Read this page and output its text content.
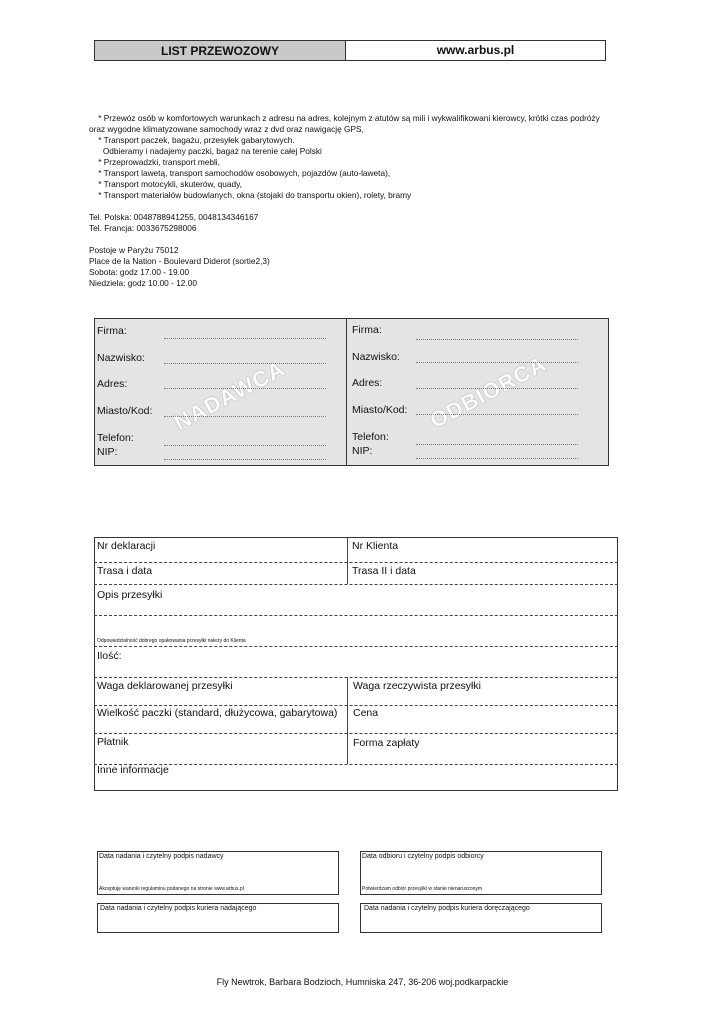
LIST PRZEWOZOWY	www.arbus.pl
* Przewóz osób w komfortowych warunkach z adresu na adres, kolejnym z atutów są mili i wykwalifikowani kierowcy, krótki czas podróży
oraz wygodne klimatyzowane samochody wraz z dvd oraz nawigację GPS,
* Transport paczek, bagażu, przesyłek gabarytowych.
Odbieramy i nadajemy paczki, bagaż na terenie całej Polski
* Przeprowadzki, transport mebli,
* Transport lawetą, transport samochodów osobowych, pojazdów (auto-laweta),
* Transport motocykli, skuterów, quady,
* Transport materiałów budowlanych, okna (stojaki do transportu okien), rolety, bramy
Tel. Polska: 0048788941255, 0048134346167
Tel. Francja: 0033675298006
Postoje w Paryżu 75012
Place de la Nation - Boulevard Diderot (sortie2,3)
Sobota: godz 17.00 - 19.00
Niedziela: godz 10.00 - 12.00
NADAWCA
Firma:
Nazwisko:
Adres:
Miasto/Kod:
Telefon:
NIP:
ODBIORCA
Firma:
Nazwisko:
Adres:
Miasto/Kod:
Telefon:
NIP:
Nr deklaracji	Nr Klienta
Trasa i data	Trasa II i data
Opis przesyłki
Odpowiedzialność dobrego opakowania przesyłki należy do Klienta
Ilość:
Waga deklarowanej przesyłki	Waga rzeczywista przesyłki
Wielkość paczki (standard, dłużycowa, gabarytowa) Cena
Płatnik	Forma zapłaty
Inne informacje
Data nadania i czytelny podpis nadawcy
Akceptuję warunki regulaminu podanego na stronie www.arbus.pl
Data odbioru i czytelny podpis odbiorcy
Potwierdzam odbiór przesyłki w stanie nienaruszonym
Data nadania i czytelny podpis kuriera nadającego	Data nadania i czytelny podpis kuriera doręczającego
Fly Newtrok, Barbara Bodzioch, Humniska 247, 36-206 woj.podkarpackie
